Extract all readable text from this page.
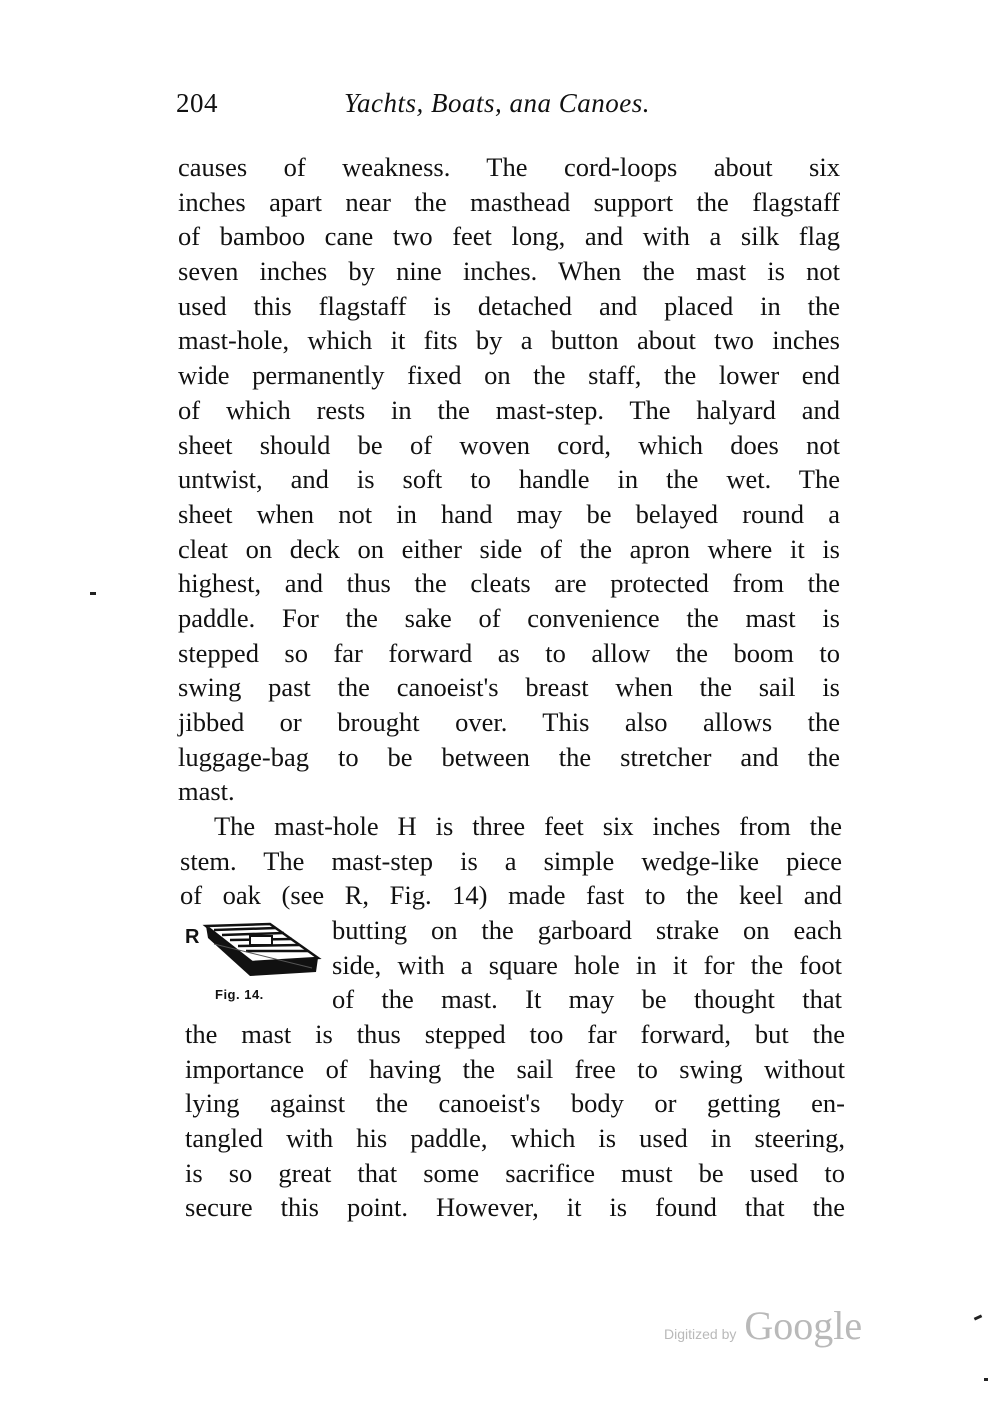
204	Yachts, Boats, ana Canoes.
causes of weakness. The cord-loops about six
inches apart near the masthead support the flagstaff
of bamboo cane two feet long, and with a silk flag
seven inches by nine inches. When the mast is not
used this flagstaff is detached and placed in the
mast-hole, which it fits by a button about two inches
wide permanently fixed on the staff, the lower end
of which rests in the mast-step. The halyard and
sheet should be of woven cord, which does not
untwist, and is soft to handle in the wet. The
sheet when not in hand may be belayed round a
cleat on deck on either side of the apron where it is
highest, and thus the cleats are protected from the
paddle. For the sake of convenience the mast is
stepped so far forward as to allow the boom to
swing past the canoeist's breast when the sail is
jibbed or brought over. This also allows the
luggage-bag to be between the stretcher and the
mast.
The mast-hole H is three feet six inches from the
stem. The mast-step is a simple wedge-like piece
of oak (see R, Fig. 14) made fast to the keel and
R
Fig. 14.
butting on the garboard strake on each
side, with a square hole in it for the foot
of the mast. It may be thought that
the mast is thus stepped too far forward, but the
importance of having the sail free to swing without
lying against the canoeist's body or getting en-
tangled with his paddle, which is used in steering,
is so great that some sacrifice must be used to
secure this point. However, it is found that the
Digitized by Google
